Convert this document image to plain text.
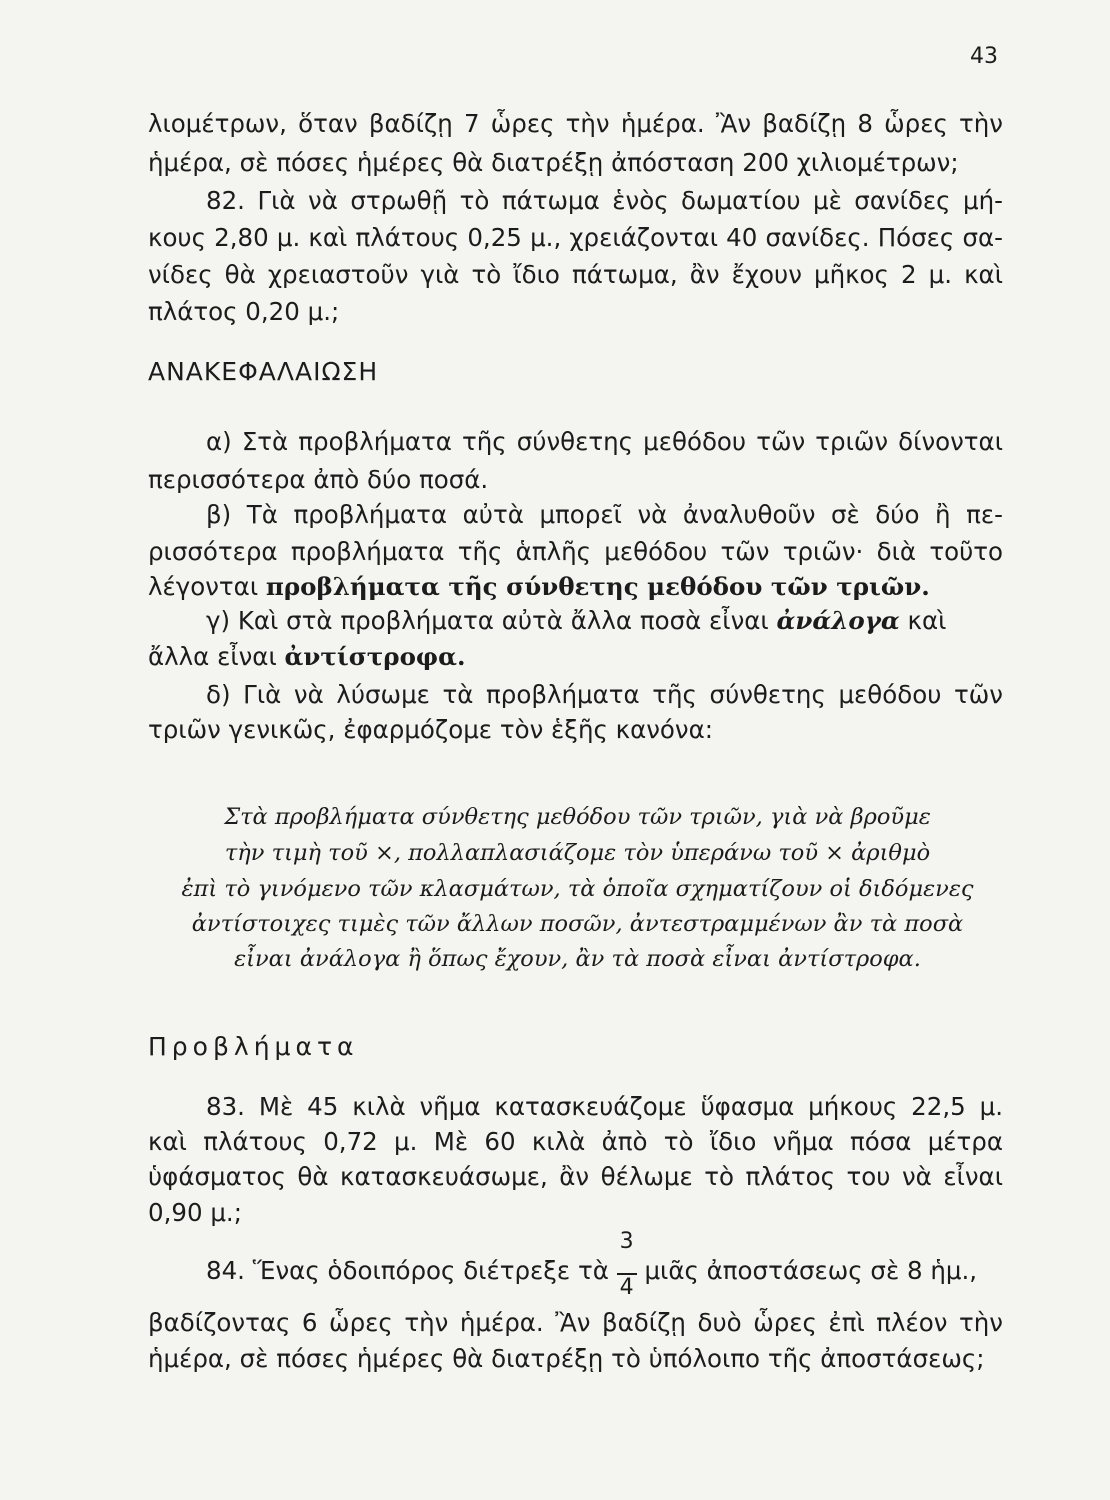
43
λιομέτρων, ὅταν βαδίζῃ 7 ὧρες τὴν ἡμέρα. Ἂν βαδίζῃ 8 ὧρες τὴν
ἡμέρα, σὲ πόσες ἡμέρες θὰ διατρέξῃ ἀπόσταση 200 χιλιομέτρων;
82. Γιὰ νὰ στρωθῇ τὸ πάτωμα ἑνὸς δωματίου μὲ σανίδες μή-
κους 2,80 μ. καὶ πλάτους 0,25 μ., χρειάζονται 40 σανίδες. Πόσες σα-
νίδες θὰ χρειαστοῦν γιὰ τὸ ἴδιο πάτωμα, ἂν ἔχουν μῆκος 2 μ. καὶ
πλάτος 0,20 μ.;
ΑΝΑΚΕΦΑΛΑΙΩΣΗ
α) Στὰ προβλήματα τῆς σύνθετης μεθόδου τῶν τριῶν δίνονται
περισσότερα ἀπὸ δύο ποσά.
β) Τὰ προβλήματα αὐτὰ μπορεῖ νὰ ἀναλυθοῦν σὲ δύο ἢ πε-
ρισσότερα προβλήματα τῆς ἁπλῆς μεθόδου τῶν τριῶν· διὰ τοῦτο
λέγονται προβλήματα τῆς σύνθετης μεθόδου τῶν τριῶν.
γ) Καὶ στὰ προβλήματα αὐτὰ ἄλλα ποσὰ εἶναι ἀνάλογα καὶ
ἄλλα εἶναι ἀντίστροφα.
δ) Γιὰ νὰ λύσωμε τὰ προβλήματα τῆς σύνθετης μεθόδου τῶν
τριῶν γενικῶς, ἐφαρμόζομε τὸν ἑξῆς κανόνα:
Προβλήματα
83. Μὲ 45 κιλὰ νῆμα κατασκευάζομε ὕφασμα μήκους 22,5 μ.
καὶ πλάτους 0,72 μ. Μὲ 60 κιλὰ ἀπὸ τὸ ἴδιο νῆμα πόσα μέτρα
ὑφάσματος θὰ κατασκευάσωμε, ἂν θέλωμε τὸ πλάτος του νὰ εἶναι
0,90 μ.;
84. Ἕνας ὁδοιπόρος διέτρεξε τὰ $\frac{3}{4}$ μιᾶς ἀποστάσεως σὲ 8 ἡμ.,
βαδίζοντας 6 ὧρες τὴν ἡμέρα. Ἂν βαδίζῃ δυὸ ὧρες ἐπὶ πλέον τὴν
ἡμέρα, σὲ πόσες ἡμέρες θὰ διατρέξῃ τὸ ὑπόλοιπο τῆς ἀποστάσεως;
Στὰ προβλήματα σύνθετης μεθόδου τῶν τριῶν, γιὰ νὰ βροῦμε
τὴν τιμὴ τοῦ ×, πολλαπλασιάζομε τὸν ὑπεράνω τοῦ × ἀριθμὸ
ἐπὶ τὸ γινόμενο τῶν κλασμάτων, τὰ ὁποῖα σχηματίζουν οἱ διδόμενες
ἀντίστοιχες τιμὲς τῶν ἄλλων ποσῶν, ἀντεστραμμένων ἂν τὰ ποσὰ
εἶναι ἀνάλογα ἢ ὅπως ἔχουν, ἂν τὰ ποσὰ εἶναι ἀντίστροφα.
